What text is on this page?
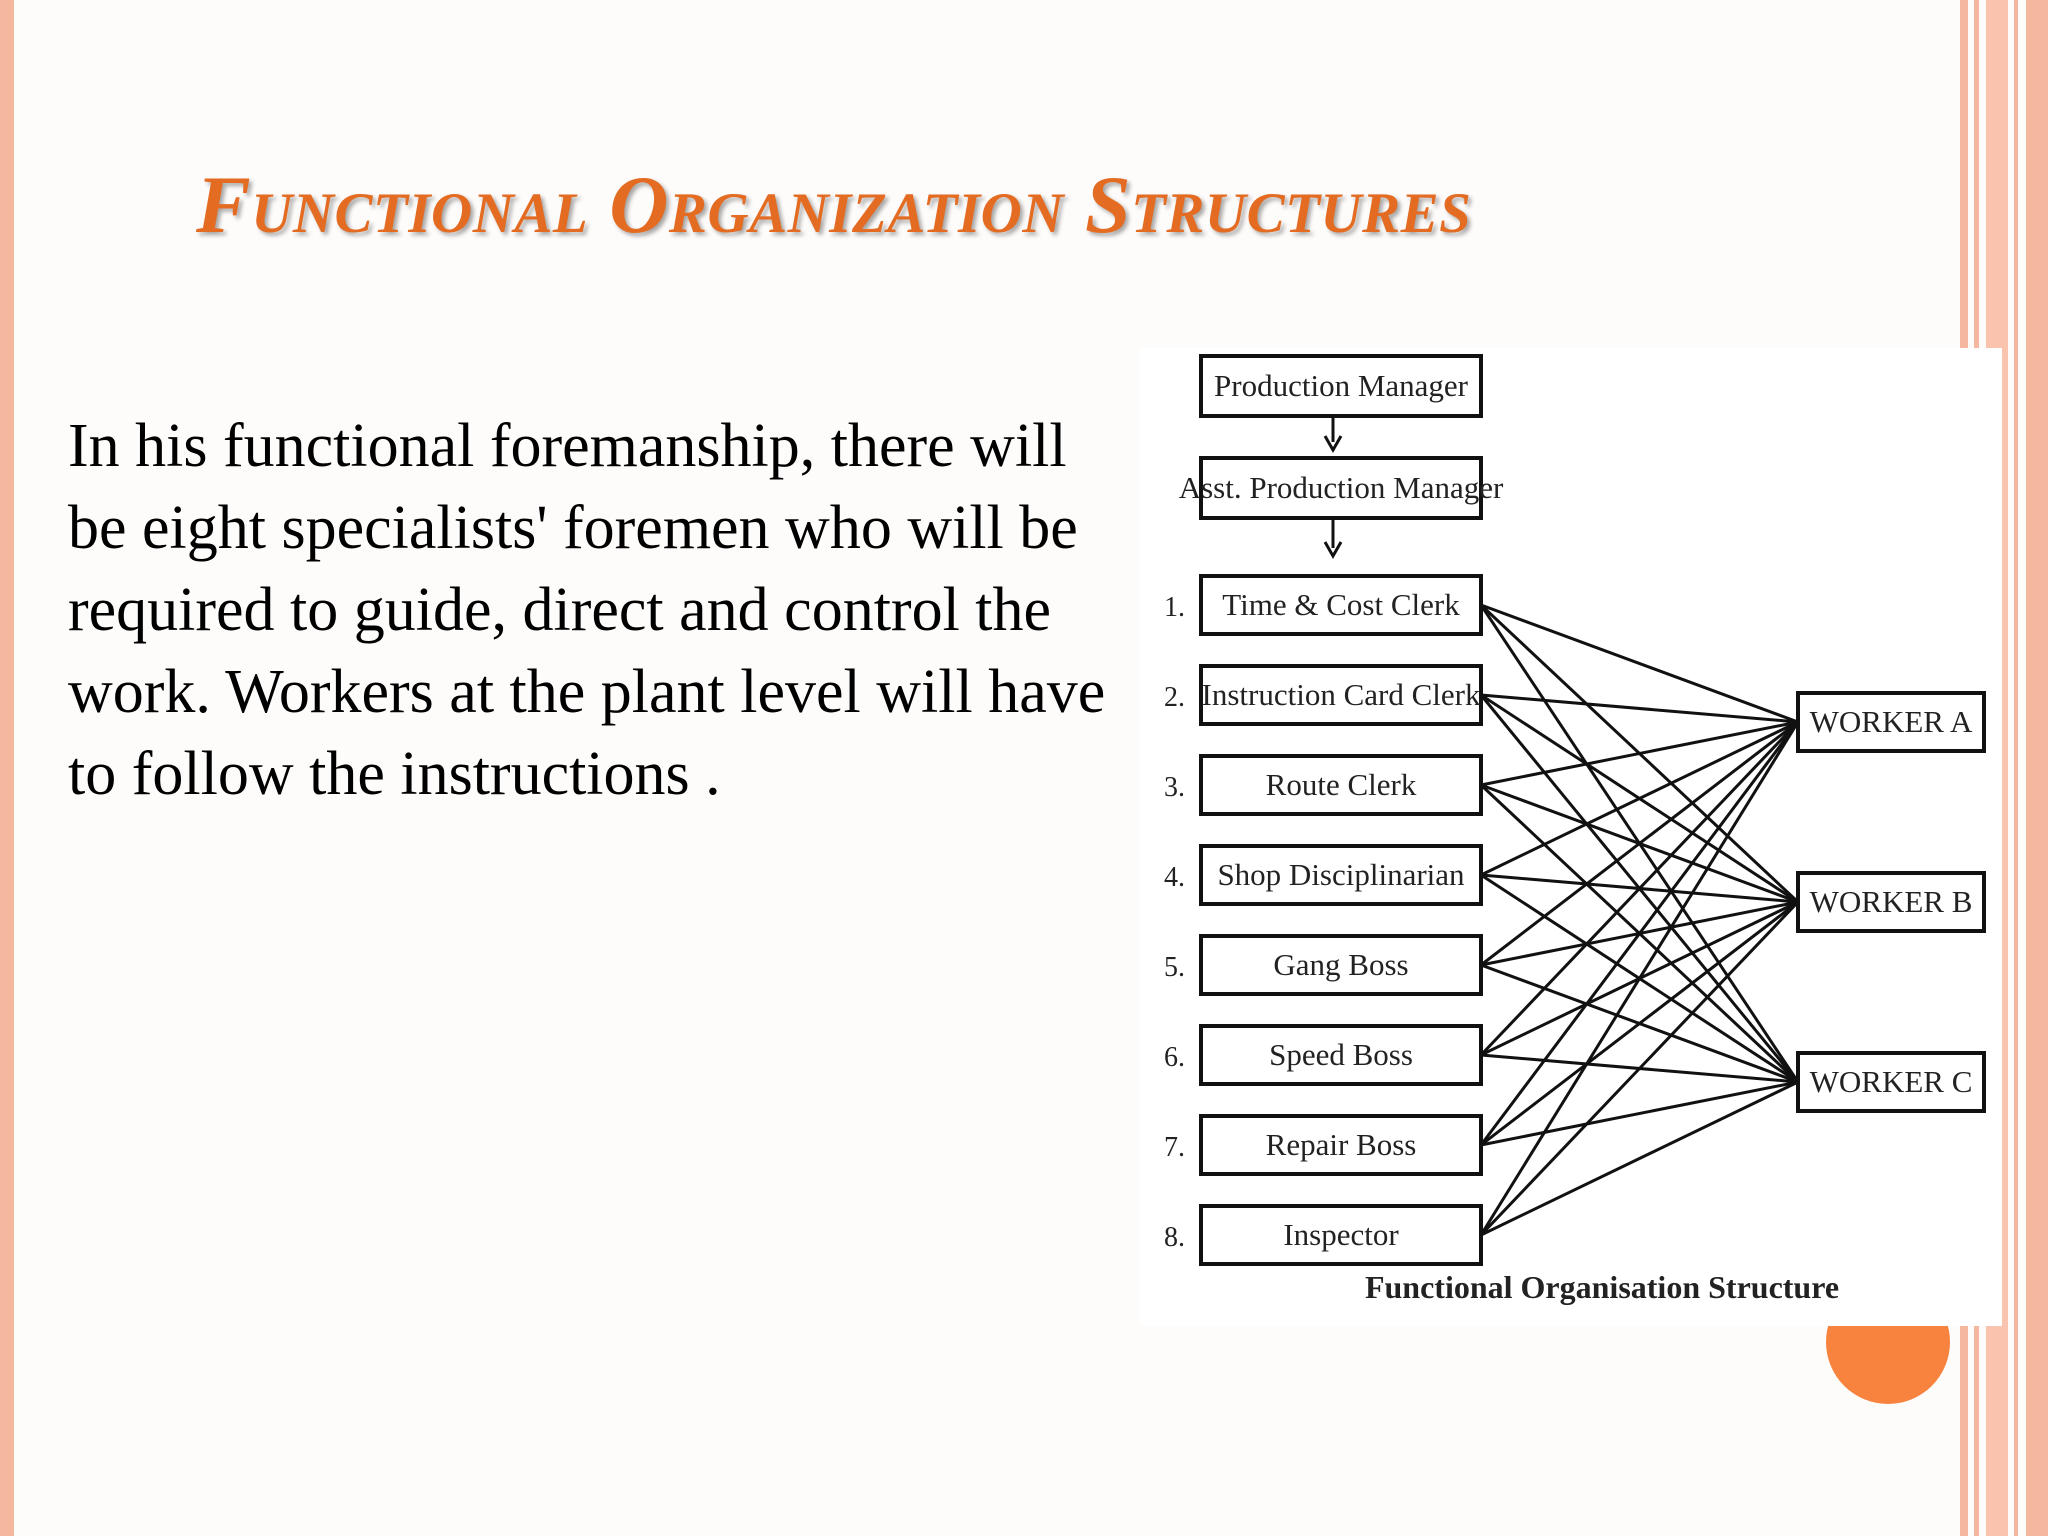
Functional Organization Structures
In his functional foremanship, there will be eight specialists' foremen who will be required to guide, direct and control the work. Workers at the plant level will have to follow the instructions .
Production Manager
Asst. Production Manager
1. Time & Cost Clerk
2. Instruction Card Clerk
3.	Route Clerk
4. Shop Disciplinarian
5.	Gang Boss
6.	Speed Boss
7.	Repair Boss
8.	Inspector
WORKER A
WORKER B
WORKER C
Functional Organisation Structure
